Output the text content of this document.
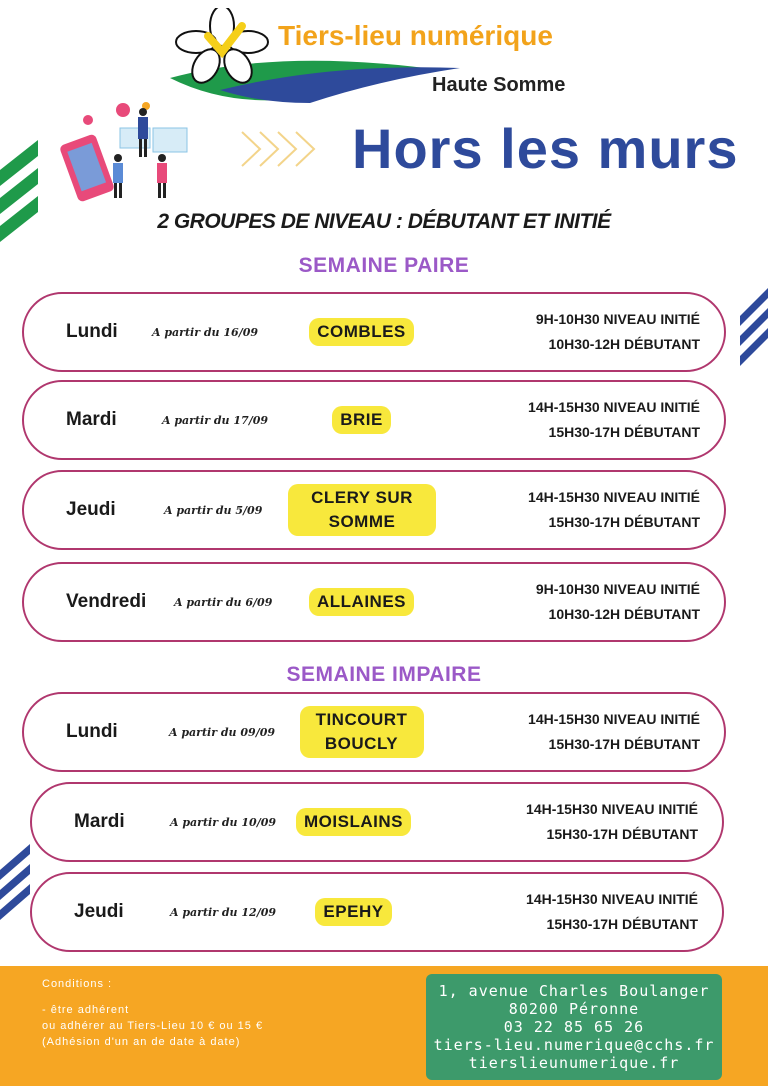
Tiers-lieu numérique
Haute Somme
Hors les murs
2 GROUPES DE NIVEAU : DÉBUTANT ET INITIÉ
SEMAINE PAIRE
Lundi	A partir du 16/09	COMBLES
9H-10H30 NIVEAU INITIÉ
10H30-12H DÉBUTANT
Mardi	A partir du 17/09	BRIE
14H-15H30 NIVEAU INITIÉ
15H30-17H DÉBUTANT
Jeudi	A partir du 5/09
CLERY SUR SOMME
14H-15H30 NIVEAU INITIÉ
15H30-17H DÉBUTANT
Vendredi	A partir du 6/09	ALLAINES
9H-10H30 NIVEAU INITIÉ
10H30-12H DÉBUTANT
SEMAINE IMPAIRE
Lundi	A partir du 09/09
TINCOURT BOUCLY
14H-15H30 NIVEAU INITIÉ
15H30-17H DÉBUTANT
Mardi	A partir du 10/09	MOISLAINS
14H-15H30 NIVEAU INITIÉ
15H30-17H DÉBUTANT
Jeudi	A partir du 12/09	EPEHY
14H-15H30 NIVEAU INITIÉ
15H30-17H DÉBUTANT
Conditions :
- être adhérent
ou adhérer au Tiers-Lieu 10 € ou 15 €
(Adhésion d'un an de date à date)
1, avenue Charles Boulanger
80200 Péronne
03 22 85 65 26
tiers-lieu.numerique@cchs.fr
tierslieunumerique.fr
